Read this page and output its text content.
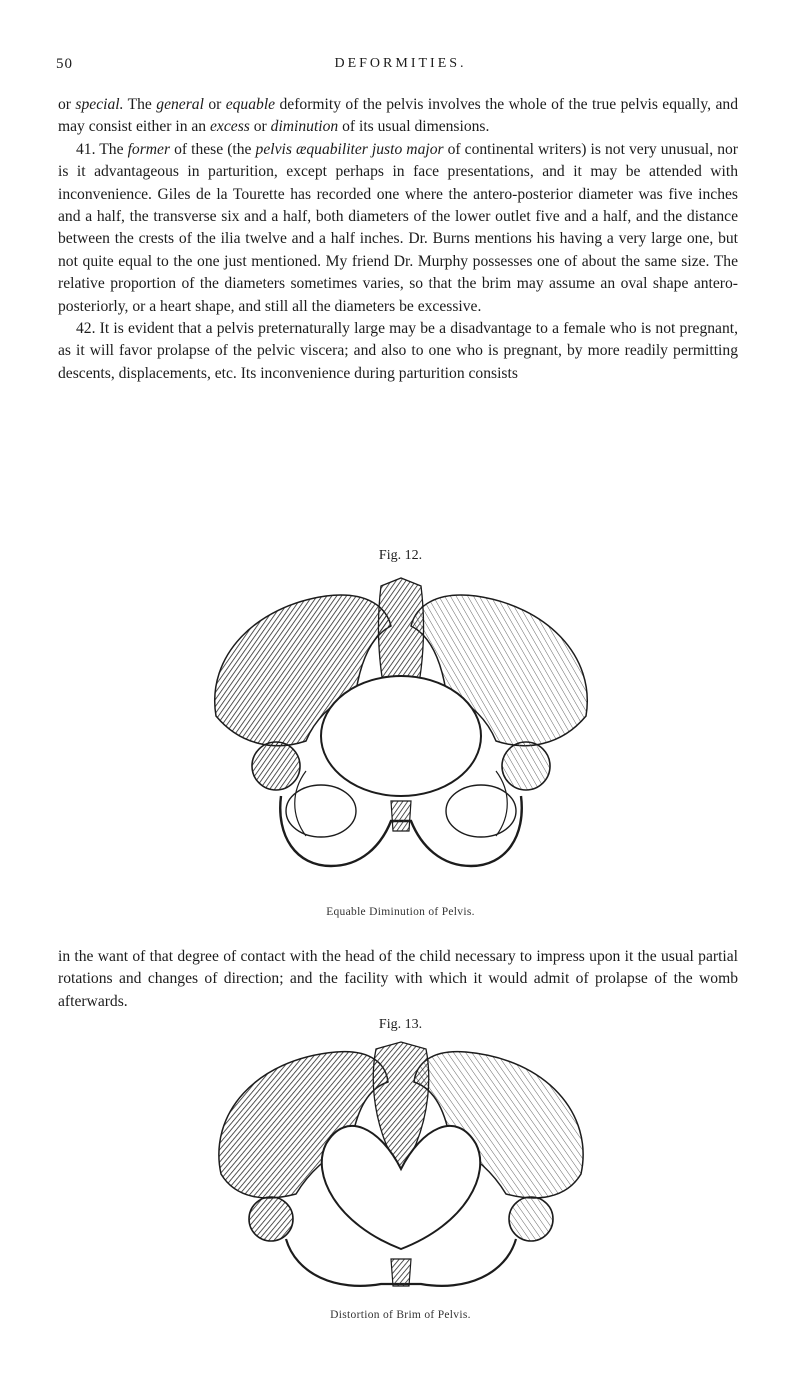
50	DEFORMITIES.

or special. The general or equable deformity of the pelvis involves the whole of the true pelvis equally, and may consist either in an excess or diminution of its usual dimensions.

41. The former of these (the pelvis æquabiliter justo major of continental writers) is not very unusual, nor is it advantageous in parturition, except perhaps in face presentations, and it may be attended with inconvenience. Giles de la Tourette has recorded one where the antero-posterior diameter was five inches and a half, the transverse six and a half, both diameters of the lower outlet five and a half, and the distance between the crests of the ilia twelve and a half inches. Dr. Burns mentions his having a very large one, but not quite equal to the one just mentioned. My friend Dr. Murphy possesses one of about the same size. The relative proportion of the diameters sometimes varies, so that the brim may assume an oval shape antero-posteriorly, or a heart shape, and still all the diameters be excessive.

42. It is evident that a pelvis preternaturally large may be a disadvantage to a female who is not pregnant, as it will favor prolapse of the pelvic viscera; and also to one who is pregnant, by more readily permitting descents, displacements, etc. Its inconvenience during parturition consists

Fig. 12.
Equable Diminution of Pelvis.

in the want of that degree of contact with the head of the child necessary to impress upon it the usual partial rotations and changes of direction; and the facility with which it would admit of prolapse of the womb afterwards.

Fig. 13.
Distortion of Brim of Pelvis.
